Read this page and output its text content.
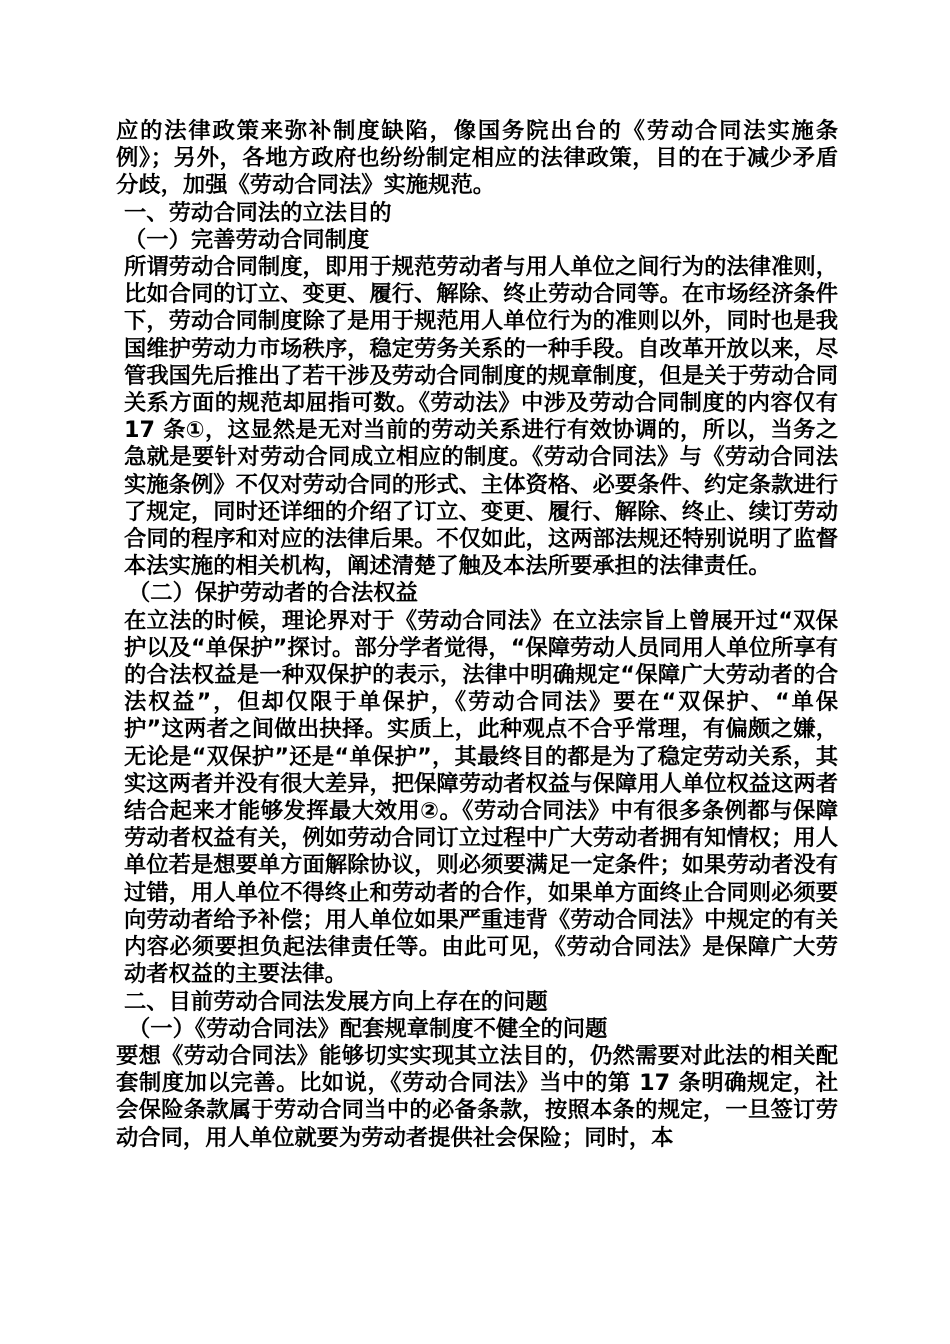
应的法律政策来弥补制度缺陷，像国务院出台的《劳动合同法实施条例》；另外，各地方政府也纷纷制定相应的法律政策，目的在于减少矛盾分歧，加强《劳动合同法》实施规范。

一、劳动合同法的立法目的

（一）完善劳动合同制度

所谓劳动合同制度，即用于规范劳动者与用人单位之间行为的法律准则，比如合同的订立、变更、履行、解除、终止劳动合同等。在市场经济条件下，劳动合同制度除了是用于规范用人单位行为的准则以外，同时也是我国维护劳动力市场秩序，稳定劳务关系的一种手段。自改革开放以来，尽管我国先后推出了若干涉及劳动合同制度的规章制度，但是关于劳动合同关系方面的规范却屈指可数。《劳动法》中涉及劳动合同制度的内容仅有 17 条①，这显然是无对当前的劳动关系进行有效协调的，所以，当务之急就是要针对劳动合同成立相应的制度。《劳动合同法》与《劳动合同法实施条例》不仅对劳动合同的形式、主体资格、必要条件、约定条款进行了规定，同时还详细的介绍了订立、变更、履行、解除、终止、续订劳动合同的程序和对应的法律后果。不仅如此，这两部法规还特别说明了监督本法实施的相关机构，阐述清楚了触及本法所要承担的法律责任。

（二）保护劳动者的合法权益

在立法的时候，理论界对于《劳动合同法》在立法宗旨上曾展开过“双保护以及“单保护”探讨。部分学者觉得，“保障劳动人员同用人单位所享有的合法权益是一种双保护的表示，法律中明确规定“保障广大劳动者的合法权益”，但却仅限于单保护，《劳动合同法》要在“双保护、“单保护”这两者之间做出抉择。实质上，此种观点不合乎常理，有偏颇之嫌，无论是“双保护”还是“单保护”，其最终目的都是为了稳定劳动关系，其实这两者并没有很大差异，把保障劳动者权益与保障用人单位权益这两者结合起来才能够发挥最大效用②。《劳动合同法》中有很多条例都与保障劳动者权益有关，例如劳动合同订立过程中广大劳动者拥有知情权；用人单位若是想要单方面解除协议，则必须要满足一定条件；如果劳动者没有过错，用人单位不得终止和劳动者的合作，如果单方面终止合同则必须要向劳动者给予补偿；用人单位如果严重违背《劳动合同法》中规定的有关内容必须要担负起法律责任等。由此可见，《劳动合同法》是保障广大劳动者权益的主要法律。

二、目前劳动合同法发展方向上存在的问题

（一）《劳动合同法》配套规章制度不健全的问题

要想《劳动合同法》能够切实实现其立法目的，仍然需要对此法的相关配套制度加以完善。比如说，《劳动合同法》当中的第 17 条明确规定，社会保险条款属于劳动合同当中的必备条款，按照本条的规定，一旦签订劳动合同，用人单位就要为劳动者提供社会保险；同时，本
